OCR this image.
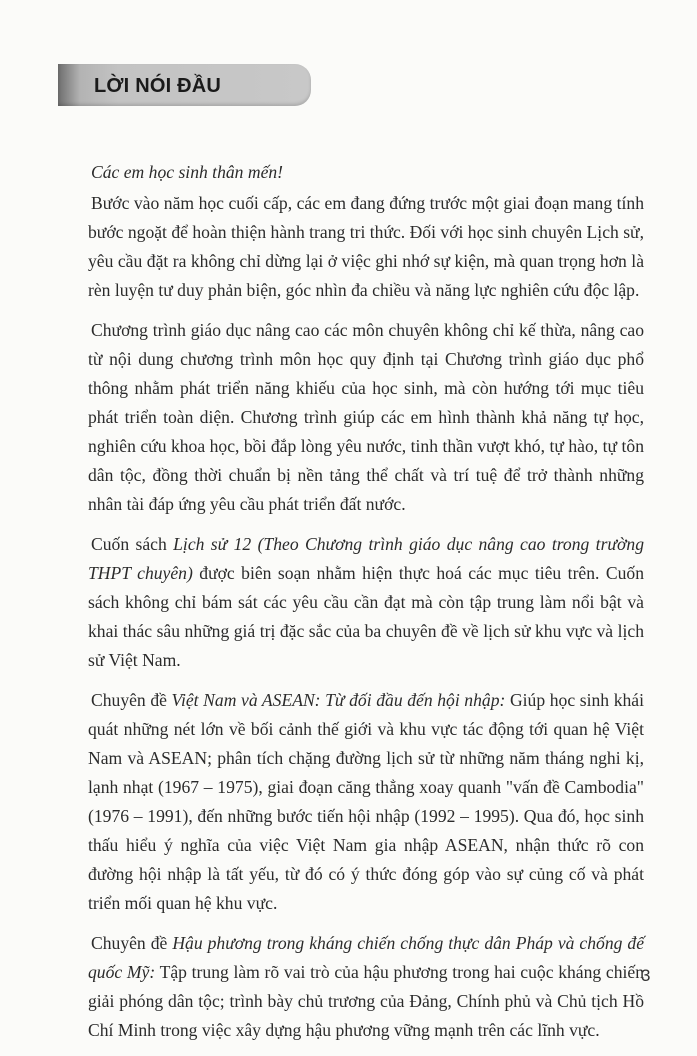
LỜI NÓI ĐẦU

Các em học sinh thân mến!

Bước vào năm học cuối cấp, các em đang đứng trước một giai đoạn mang tính bước ngoặt để hoàn thiện hành trang tri thức. Đối với học sinh chuyên Lịch sử, yêu cầu đặt ra không chỉ dừng lại ở việc ghi nhớ sự kiện, mà quan trọng hơn là rèn luyện tư duy phản biện, góc nhìn đa chiều và năng lực nghiên cứu độc lập.

Chương trình giáo dục nâng cao các môn chuyên không chỉ kế thừa, nâng cao từ nội dung chương trình môn học quy định tại Chương trình giáo dục phổ thông nhằm phát triển năng khiếu của học sinh, mà còn hướng tới mục tiêu phát triển toàn diện. Chương trình giúp các em hình thành khả năng tự học, nghiên cứu khoa học, bồi đắp lòng yêu nước, tinh thần vượt khó, tự hào, tự tôn dân tộc, đồng thời chuẩn bị nền tảng thể chất và trí tuệ để trở thành những nhân tài đáp ứng yêu cầu phát triển đất nước.

Cuốn sách Lịch sử 12 (Theo Chương trình giáo dục nâng cao trong trường THPT chuyên) được biên soạn nhằm hiện thực hoá các mục tiêu trên. Cuốn sách không chỉ bám sát các yêu cầu cần đạt mà còn tập trung làm nổi bật và khai thác sâu những giá trị đặc sắc của ba chuyên đề về lịch sử khu vực và lịch sử Việt Nam.

Chuyên đề Việt Nam và ASEAN: Từ đối đầu đến hội nhập: Giúp học sinh khái quát những nét lớn về bối cảnh thế giới và khu vực tác động tới quan hệ Việt Nam và ASEAN; phân tích chặng đường lịch sử từ những năm tháng nghi kị, lạnh nhạt (1967 – 1975), giai đoạn căng thẳng xoay quanh "vấn đề Cambodia" (1976 – 1991), đến những bước tiến hội nhập (1992 – 1995). Qua đó, học sinh thấu hiểu ý nghĩa của việc Việt Nam gia nhập ASEAN, nhận thức rõ con đường hội nhập là tất yếu, từ đó có ý thức đóng góp vào sự củng cố và phát triển mối quan hệ khu vực.

Chuyên đề Hậu phương trong kháng chiến chống thực dân Pháp và chống đế quốc Mỹ: Tập trung làm rõ vai trò của hậu phương trong hai cuộc kháng chiến giải phóng dân tộc; trình bày chủ trương của Đảng, Chính phủ và Chủ tịch Hồ Chí Minh trong việc xây dựng hậu phương vững mạnh trên các lĩnh vực.

3
